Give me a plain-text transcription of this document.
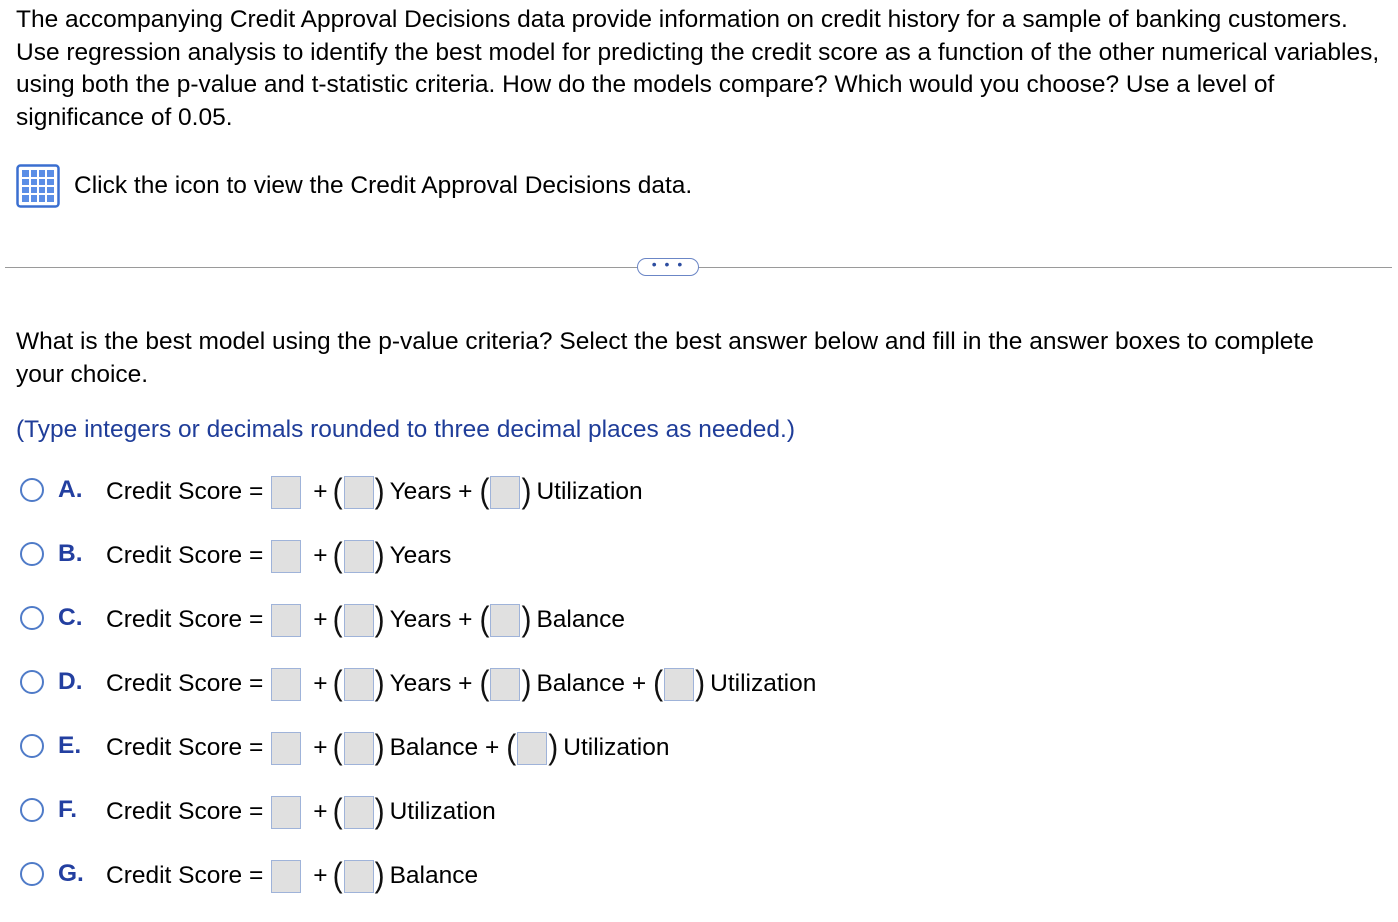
The accompanying Credit Approval Decisions data provide information on credit history for a sample of banking customers. Use regression analysis to identify the best model for predicting the credit score as a function of the other numerical variables, using both the p-value and t-statistic criteria. How do the models compare? Which would you choose? Use a level of significance of 0.05.
Click the icon to view the Credit Approval Decisions data.
• • •
What is the best model using the p-value criteria? Select the best answer below and fill in the answer boxes to complete your choice.
(Type integers or decimals rounded to three decimal places as needed.)
A. Credit Score = + ( ) Years + ( ) Utilization
B. Credit Score = + ( ) Years
C. Credit Score = + ( ) Years + ( ) Balance
D. Credit Score = + ( ) Years + ( ) Balance + ( ) Utilization
E. Credit Score = + ( ) Balance + ( ) Utilization
F. Credit Score = + ( ) Utilization
G. Credit Score = + ( ) Balance
